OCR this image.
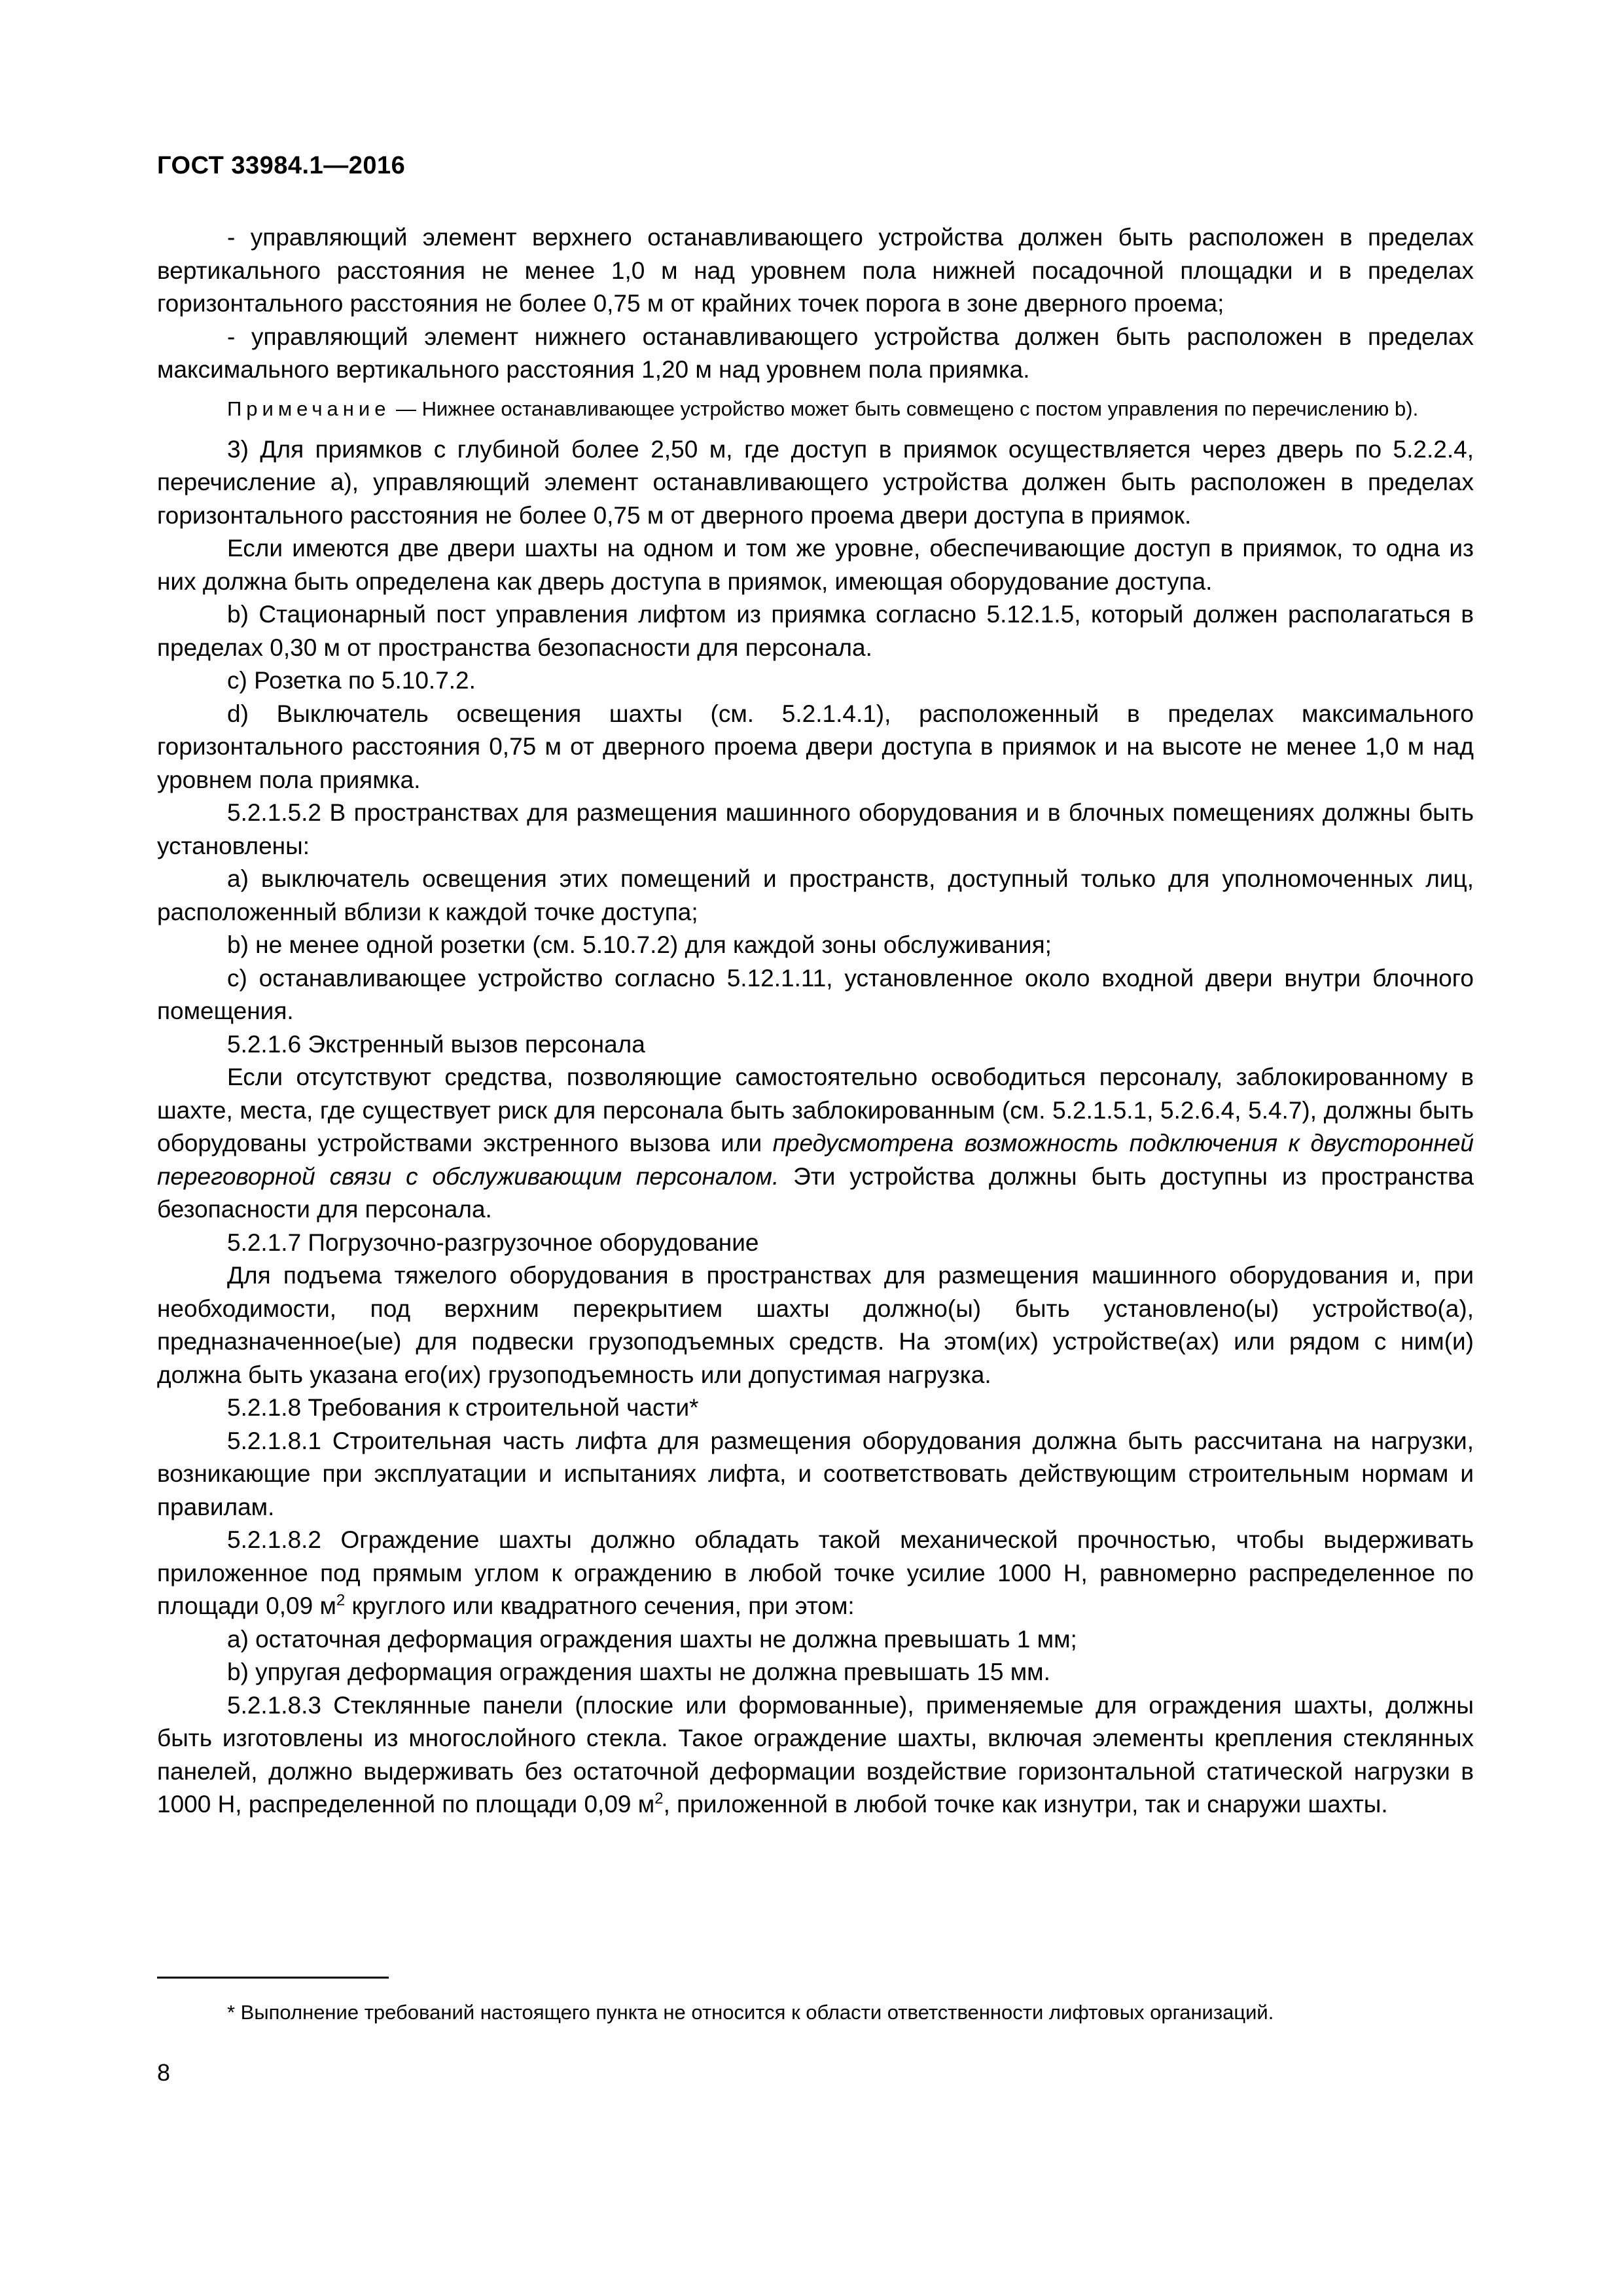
ГОСТ 33984.1—2016

- управляющий элемент верхнего останавливающего устройства должен быть расположен в пределах вертикального расстояния не менее 1,0 м над уровнем пола нижней посадочной площадки и в пределах горизонтального расстояния не более 0,75 м от крайних точек порога в зоне дверного проема;

- управляющий элемент нижнего останавливающего устройства должен быть расположен в пределах максимального вертикального расстояния 1,20 м над уровнем пола приямка.

Примечание — Нижнее останавливающее устройство может быть совмещено с постом управления по перечислению b).

3) Для приямков с глубиной более 2,50 м, где доступ в приямок осуществляется через дверь по 5.2.2.4, перечисление а), управляющий элемент останавливающего устройства должен быть расположен в пределах горизонтального расстояния не более 0,75 м от дверного проема двери доступа в приямок.

Если имеются две двери шахты на одном и том же уровне, обеспечивающие доступ в приямок, то одна из них должна быть определена как дверь доступа в приямок, имеющая оборудование доступа.

b) Стационарный пост управления лифтом из приямка согласно 5.12.1.5, который должен располагаться в пределах 0,30 м от пространства безопасности для персонала.

c) Розетка по 5.10.7.2.

d) Выключатель освещения шахты (см. 5.2.1.4.1), расположенный в пределах максимального горизонтального расстояния 0,75 м от дверного проема двери доступа в приямок и на высоте не менее 1,0 м над уровнем пола приямка.

5.2.1.5.2 В пространствах для размещения машинного оборудования и в блочных помещениях должны быть установлены:

a) выключатель освещения этих помещений и пространств, доступный только для уполномоченных лиц, расположенный вблизи к каждой точке доступа;

b) не менее одной розетки (см. 5.10.7.2) для каждой зоны обслуживания;

c) останавливающее устройство согласно 5.12.1.11, установленное около входной двери внутри блочного помещения.

5.2.1.6 Экстренный вызов персонала

Если отсутствуют средства, позволяющие самостоятельно освободиться персоналу, заблокированному в шахте, места, где существует риск для персонала быть заблокированным (см. 5.2.1.5.1, 5.2.6.4, 5.4.7), должны быть оборудованы устройствами экстренного вызова или предусмотрена возможность подключения к двусторонней переговорной связи с обслуживающим персоналом. Эти устройства должны быть доступны из пространства безопасности для персонала.

5.2.1.7 Погрузочно-разгрузочное оборудование

Для подъема тяжелого оборудования в пространствах для размещения машинного оборудования и, при необходимости, под верхним перекрытием шахты должно(ы) быть установлено(ы) устройство(а), предназначенное(ые) для подвески грузоподъемных средств. На этом(их) устройстве(ах) или рядом с ним(и) должна быть указана его(их) грузоподъемность или допустимая нагрузка.

5.2.1.8 Требования к строительной части*

5.2.1.8.1 Строительная часть лифта для размещения оборудования должна быть рассчитана на нагрузки, возникающие при эксплуатации и испытаниях лифта, и соответствовать действующим строительным нормам и правилам.

5.2.1.8.2 Ограждение шахты должно обладать такой механической прочностью, чтобы выдерживать приложенное под прямым углом к ограждению в любой точке усилие 1000 Н, равномерно распределенное по площади 0,09 $м^2$ круглого или квадратного сечения, при этом:

a) остаточная деформация ограждения шахты не должна превышать 1 мм;

b) упругая деформация ограждения шахты не должна превышать 15 мм.

5.2.1.8.3 Стеклянные панели (плоские или формованные), применяемые для ограждения шахты, должны быть изготовлены из многослойного стекла. Такое ограждение шахты, включая элементы крепления стеклянных панелей, должно выдерживать без остаточной деформации воздействие горизонтальной статической нагрузки в 1000 Н, распределенной по площади 0,09 $м^2$, приложенной в любой точке как изнутри, так и снаружи шахты.

* Выполнение требований настоящего пункта не относится к области ответственности лифтовых организаций.
8
